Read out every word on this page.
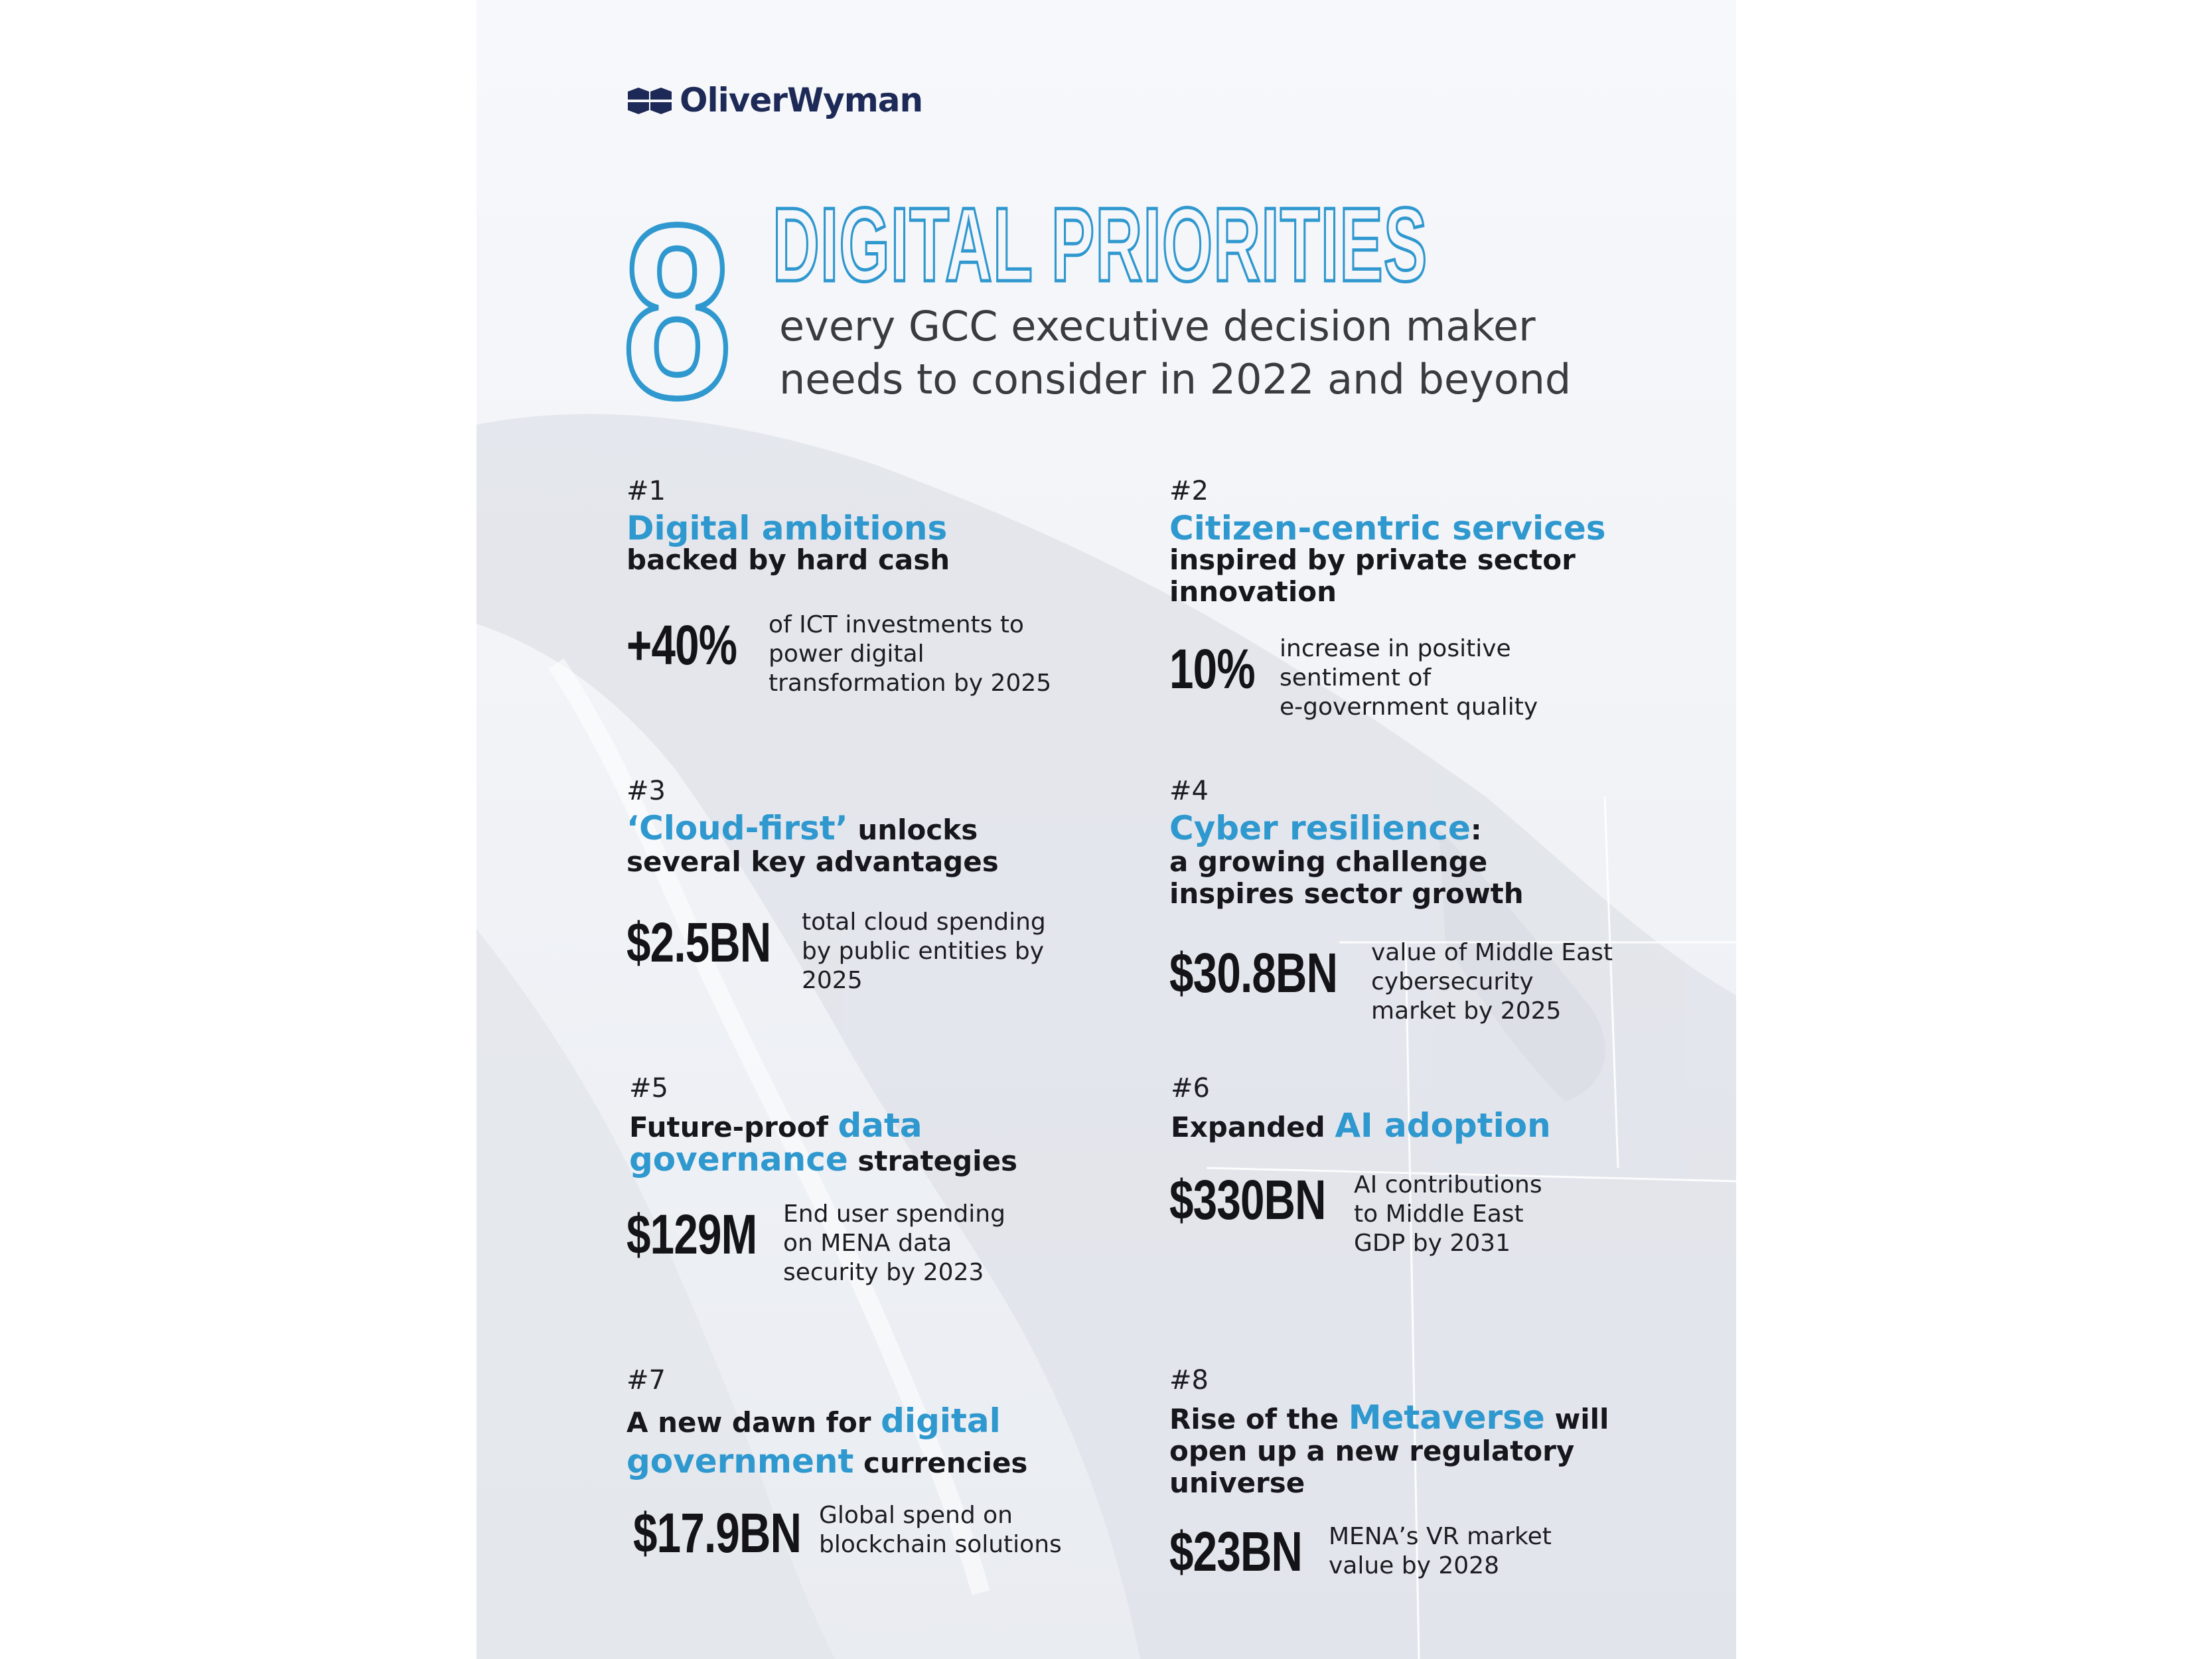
OliverWyman
8 DIGITAL PRIORITIES
every GCC executive decision maker
needs to consider in 2022 and beyond
#1
Digital ambitions
backed by hard cash
+40% of ICT investments to
power digital
transformation by 2025
#2
Citizen-centric services
inspired by private sector
innovation
10% increase in positive
sentiment of
e-government quality
#3
‘Cloud-first’ unlocks
several key advantages
$2.5BN total cloud spending
by public entities by
2025
#4
Cyber resilience:
a growing challenge
inspires sector growth
$30.8BN value of Middle East
cybersecurity
market by 2025
#5
Future-proof data
governance strategies
$129M End user spending
on MENA data
security by 2023
#6
Expanded AI adoption
$330BN AI contributions
to Middle East
GDP by 2031
#7
A new dawn for digital
government currencies
$17.9BN Global spend on
blockchain solutions
#8
Rise of the Metaverse will
open up a new regulatory
universe
$23BN MENA’s VR market
value by 2028
